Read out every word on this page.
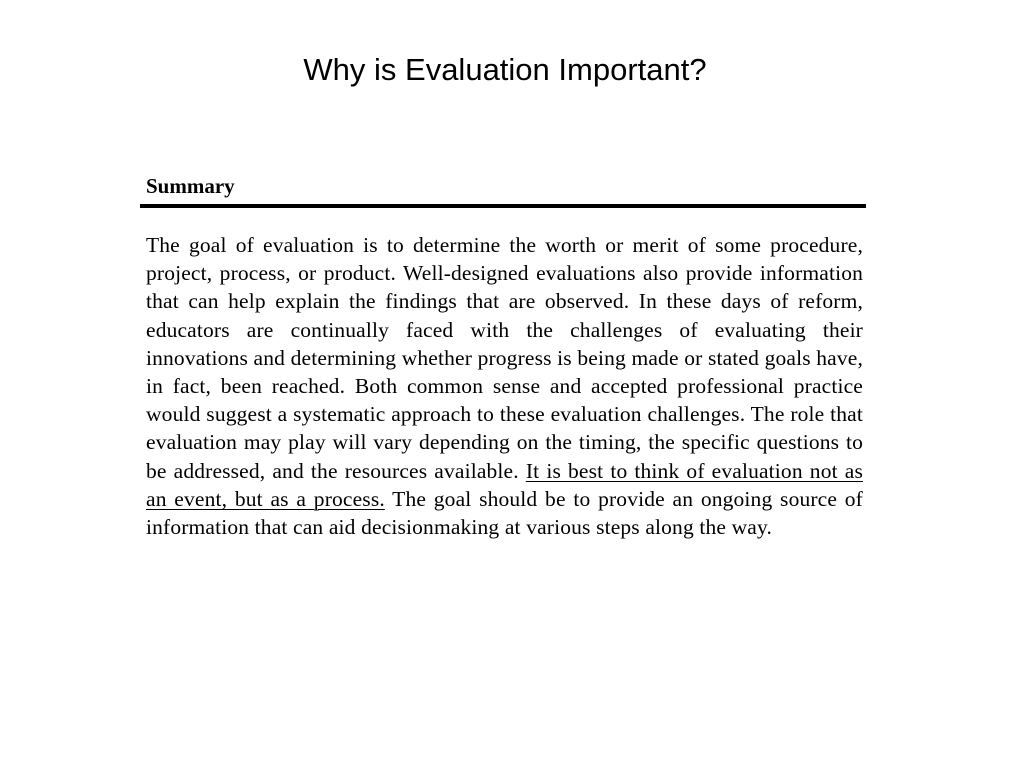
Why is Evaluation Important?
Summary

The goal of evaluation is to determine the worth or merit of some procedure, project, process, or product. Well-designed evaluations also provide information that can help explain the findings that are observed. In these days of reform, educators are continually faced with the challenges of evaluating their innovations and determining whether progress is being made or stated goals have, in fact, been reached. Both common sense and accepted professional practice would suggest a systematic approach to these evaluation challenges. The role that evaluation may play will vary depending on the timing, the specific questions to be addressed, and the resources available. It is best to think of evaluation not as an event, but as a process. The goal should be to provide an ongoing source of information that can aid decisionmaking at various steps along the way.
